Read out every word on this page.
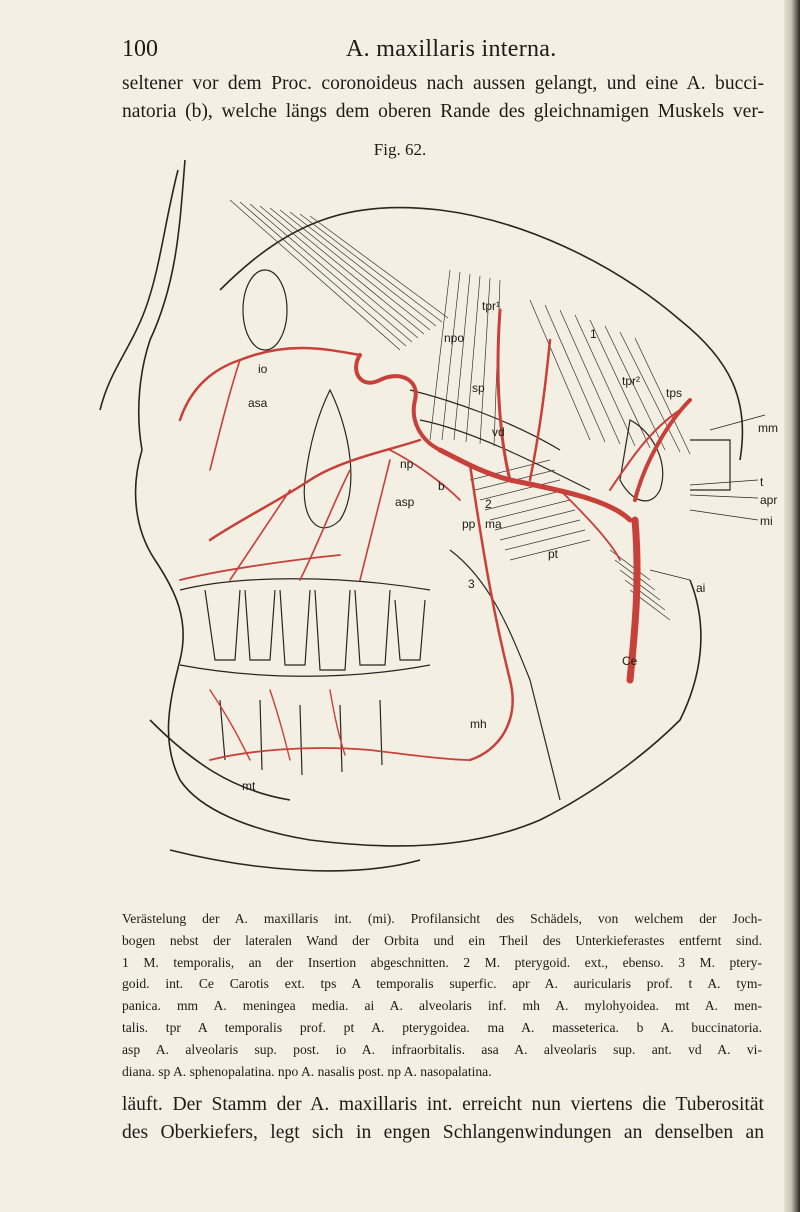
100	A. maxillaris interna.
seltener vor dem Proc. coronoideus nach aussen gelangt, und eine A. bucci-
natoria (b), welche längs dem oberen Rande des gleichnamigen Muskels ver-
Fig. 62.
tpr¹
npo	1
tpr²
tps
mm
io
asa
sp
vd
np
b
asp	2
pp ma
t
apr
mi
pt
3	ai
Ce
mh
mt
Verästelung der A. maxillaris int. (mi). Profilansicht des Schädels, von welchem der Joch-
bogen nebst der lateralen Wand der Orbita und ein Theil des Unterkieferastes entfernt sind.
1 M. temporalis, an der Insertion abgeschnitten. 2 M. pterygoid. ext., ebenso. 3 M. ptery-
goid. int. Ce Carotis ext. tps A temporalis superfic. apr A. auricularis prof. t A. tym-
panica. mm A. meningea media. ai A. alveolaris inf. mh A. mylohyoidea. mt A. men-
talis. tpr A temporalis prof. pt A. pterygoidea. ma A. masseterica. b A. buccinatoria.
asp A. alveolaris sup. post. io A. infraorbitalis. asa A. alveolaris sup. ant. vd A. vi-
diana. sp A. sphenopalatina. npo A. nasalis post. np A. nasopalatina.
läuft. Der Stamm der A. maxillaris int. erreicht nun viertens die Tuberosität
des Oberkiefers, legt sich in engen Schlangenwindungen an denselben an
